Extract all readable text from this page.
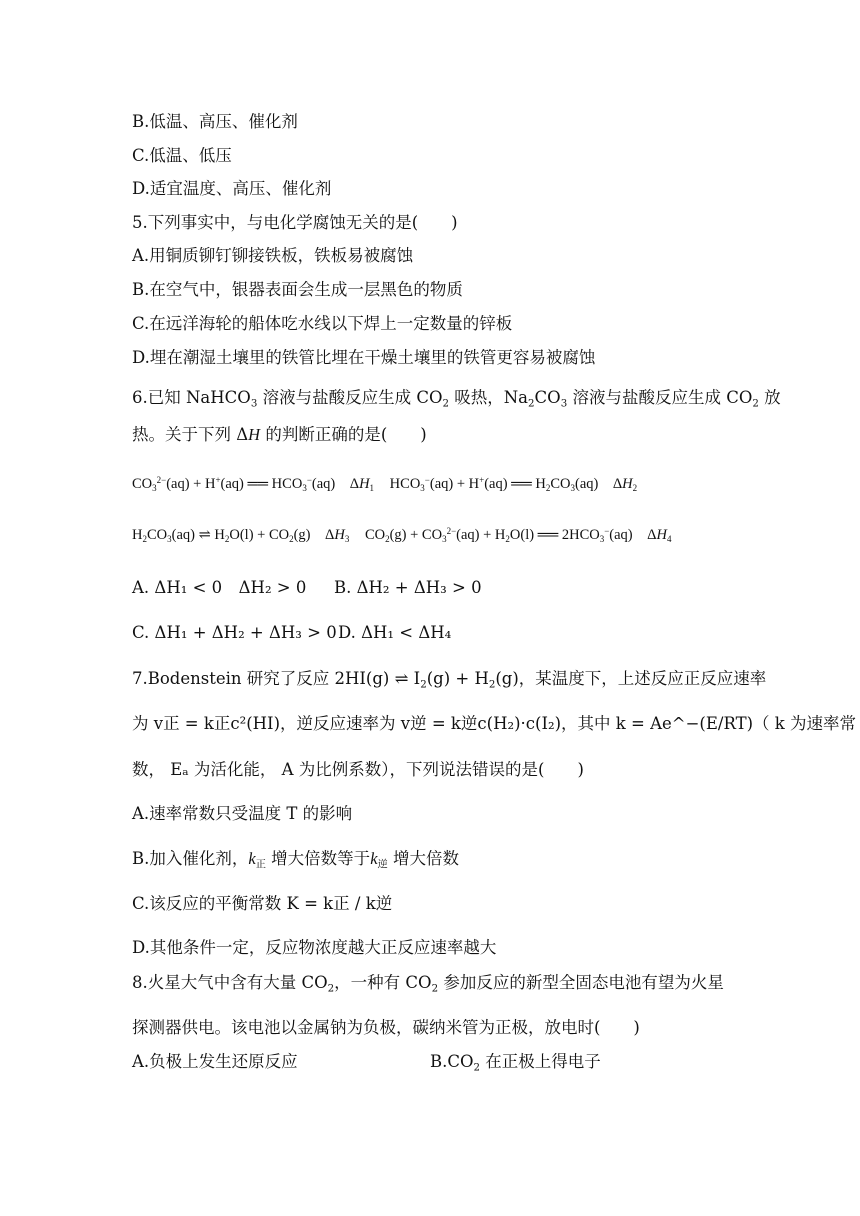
B.低温、高压、催化剂
C.低温、低压
D.适宜温度、高压、催化剂
5.下列事实中，与电化学腐蚀无关的是(　　)
A.用铜质铆钉铆接铁板，铁板易被腐蚀
B.在空气中，银器表面会生成一层黑色的物质
C.在远洋海轮的船体吃水线以下焊上一定数量的锌板
D.埋在潮湿土壤里的铁管比埋在干燥土壤里的铁管更容易被腐蚀
6.已知 NaHCO$_3$ 溶液与盐酸反应生成 $CO_2$ 吸热，$Na_2CO_3$ 溶液与盐酸反应生成 $CO_2$ 放
热。关于下列 ΔH 的判断正确的是(　　)
$CO_3^{2-}(aq) + H^+(aq)$ ══ $HCO_3^-(aq)$　$\Delta H_1$ $HCO_3^-(aq) + H^+(aq)$ ══ $H_2CO_3(aq)$　$\Delta H_2$
$H_2CO_3(aq)$ ⇌ $H_2O(l) + CO_2(g)$　$\Delta H_3$ $CO_2(g) + CO_3^{2-}(aq) + H_2O(l)$ ══ $2HCO_3^-(aq)$　$\Delta H_4$
A. ΔH₁ < 0　ΔH₂ > 0 B. ΔH₂ + ΔH₃ > 0
C. ΔH₁ + ΔH₂ + ΔH₃ > 0 D. ΔH₁ < ΔH₄
7.Bodenstein 研究了反应 2HI(g) ⇌ $I_2(g) + H_2(g)$，某温度下，上述反应正反应速率
为 v正 = k正c²(HI)，逆反应速率为 v逆 = k逆c(H₂)·c(I₂)，其中 k = Ae^−(E/RT)（ k 为速率常
数， Eₐ 为活化能， A 为比例系数），下列说法错误的是(　　)
A.速率常数只受温度 T 的影响
B.加入催化剂，$k_正$ 增大倍数等于$k_逆$ 增大倍数
C.该反应的平衡常数 K = k正 / k逆
D.其他条件一定，反应物浓度越大正反应速率越大
8.火星大气中含有大量 $CO_2$，一种有 $CO_2$ 参加反应的新型全固态电池有望为火星
探测器供电。该电池以金属钠为负极，碳纳米管为正极，放电时(　　)
A.负极上发生还原反应	$B.CO_2$ 在正极上得电子
